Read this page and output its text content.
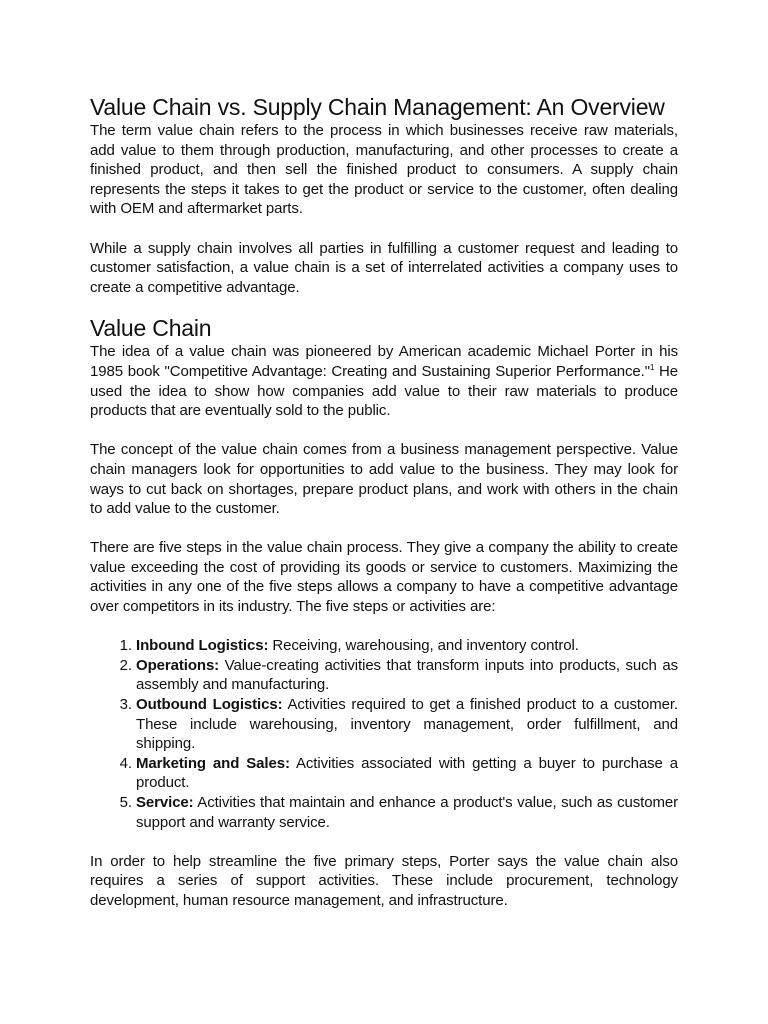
Value Chain vs. Supply Chain Management: An Overview

The term value chain refers to the process in which businesses receive raw materials, add value to them through production, manufacturing, and other processes to create a finished product, and then sell the finished product to consumers. A supply chain represents the steps it takes to get the product or service to the customer, often dealing with OEM and aftermarket parts.

While a supply chain involves all parties in fulfilling a customer request and leading to customer satisfaction, a value chain is a set of interrelated activities a company uses to create a competitive advantage.

Value Chain

The idea of a value chain was pioneered by American academic Michael Porter in his 1985 book "Competitive Advantage: Creating and Sustaining Superior Performance."$^1$ He used the idea to show how companies add value to their raw materials to produce products that are eventually sold to the public.

The concept of the value chain comes from a business management perspective. Value chain managers look for opportunities to add value to the business. They may look for ways to cut back on shortages, prepare product plans, and work with others in the chain to add value to the customer.

There are five steps in the value chain process. They give a company the ability to create value exceeding the cost of providing its goods or service to customers. Maximizing the activities in any one of the five steps allows a company to have a competitive advantage over competitors in its industry. The five steps or activities are:

1. Inbound Logistics: Receiving, warehousing, and inventory control.
2. Operations: Value-creating activities that transform inputs into products, such as assembly and manufacturing.
3. Outbound Logistics: Activities required to get a finished product to a customer. These include warehousing, inventory management, order fulfillment, and shipping.
4. Marketing and Sales: Activities associated with getting a buyer to purchase a product.
5. Service: Activities that maintain and enhance a product's value, such as customer support and warranty service.

In order to help streamline the five primary steps, Porter says the value chain also requires a series of support activities. These include procurement, technology development, human resource management, and infrastructure.
